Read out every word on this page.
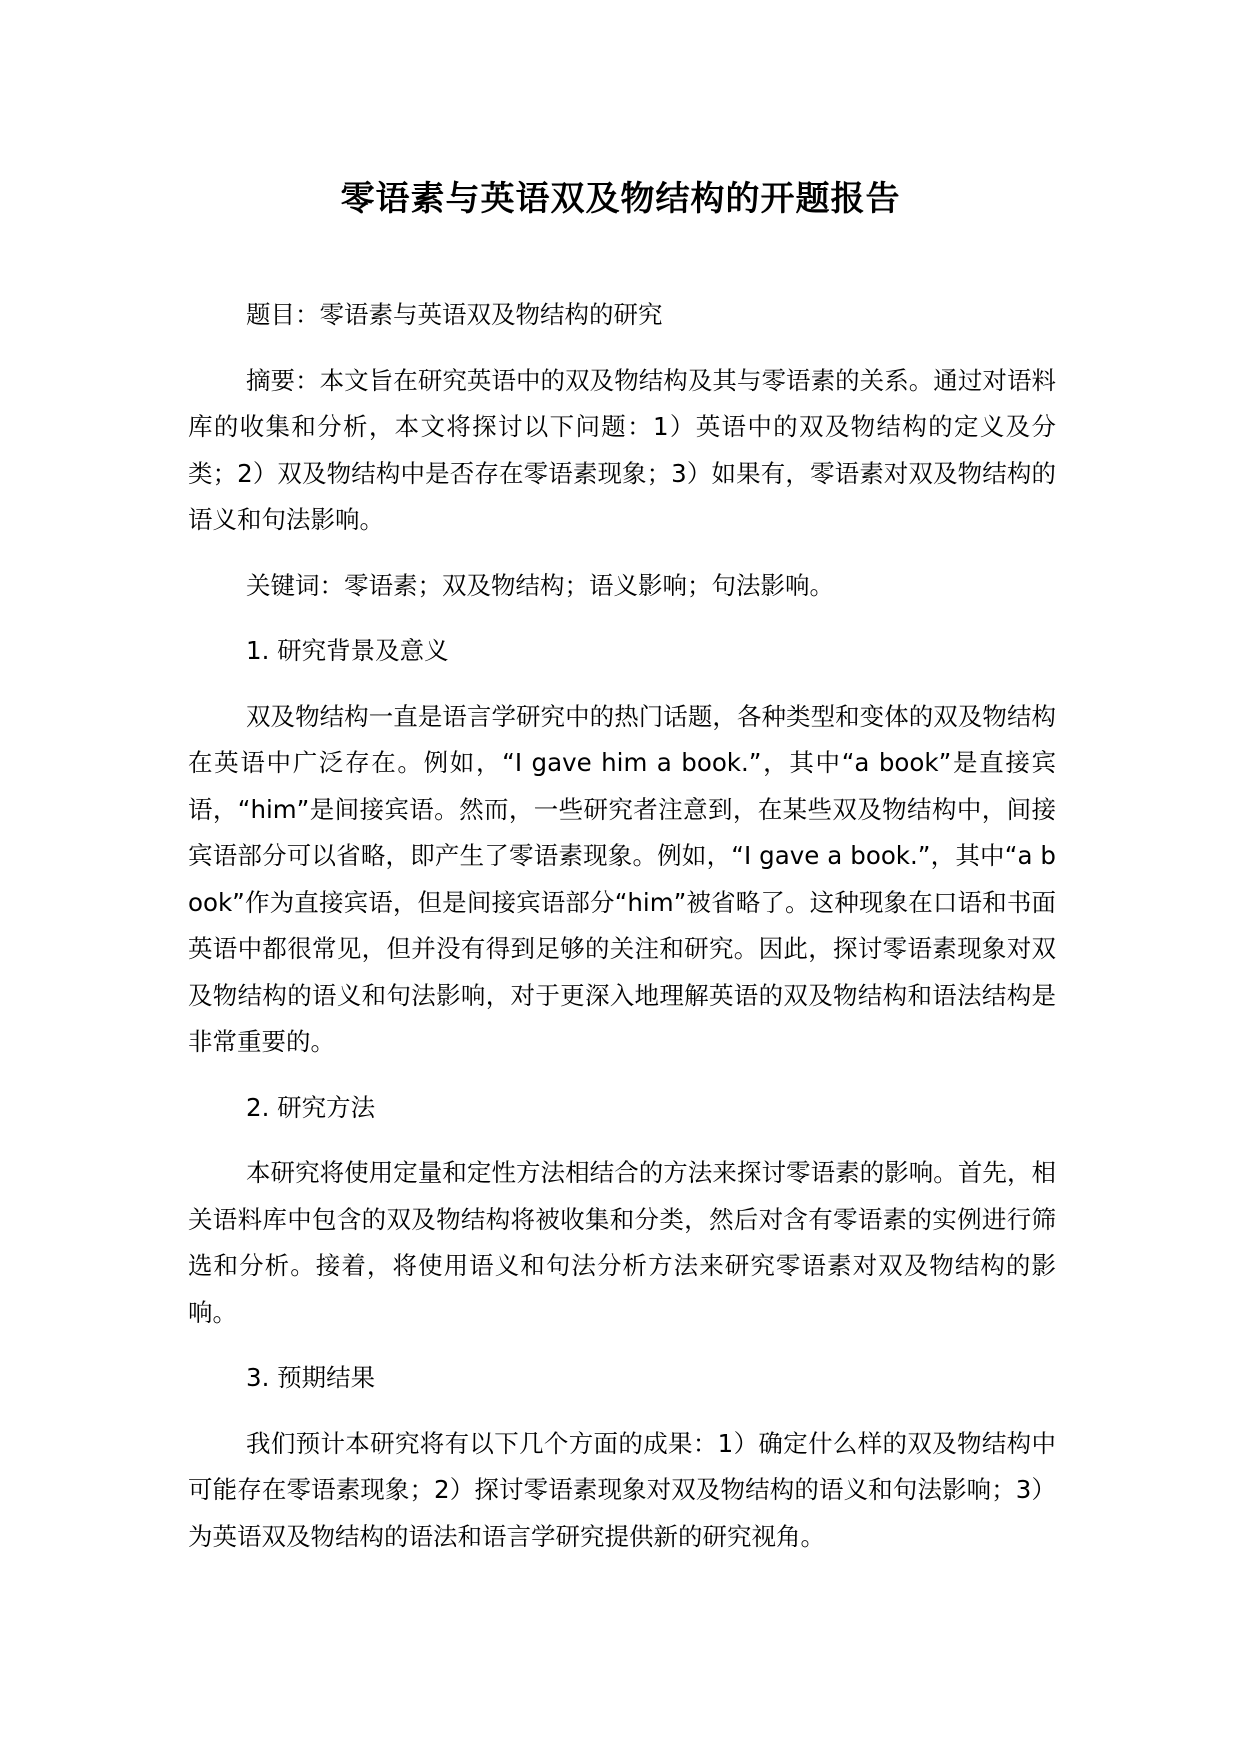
零语素与英语双及物结构的开题报告

题目：零语素与英语双及物结构的研究

摘要：本文旨在研究英语中的双及物结构及其与零语素的关系。通过对语料库的收集和分析，本文将探讨以下问题：1）英语中的双及物结构的定义及分类；2）双及物结构中是否存在零语素现象；3）如果有，零语素对双及物结构的语义和句法影响。

关键词：零语素；双及物结构；语义影响；句法影响。

1. 研究背景及意义

双及物结构一直是语言学研究中的热门话题，各种类型和变体的双及物结构在英语中广泛存在。例如，“I gave him a book.”，其中“a book”是直接宾语，“him”是间接宾语。然而，一些研究者注意到，在某些双及物结构中，间接宾语部分可以省略，即产生了零语素现象。例如，“I gave a book.”，其中“a book”作为直接宾语，但是间接宾语部分“him”被省略了。这种现象在口语和书面英语中都很常见，但并没有得到足够的关注和研究。因此，探讨零语素现象对双及物结构的语义和句法影响，对于更深入地理解英语的双及物结构和语法结构是非常重要的。

2. 研究方法

本研究将使用定量和定性方法相结合的方法来探讨零语素的影响。首先，相关语料库中包含的双及物结构将被收集和分类，然后对含有零语素的实例进行筛选和分析。接着，将使用语义和句法分析方法来研究零语素对双及物结构的影响。

3. 预期结果

我们预计本研究将有以下几个方面的成果：1）确定什么样的双及物结构中可能存在零语素现象；2）探讨零语素现象对双及物结构的语义和句法影响；3）为英语双及物结构的语法和语言学研究提供新的研究视角。
